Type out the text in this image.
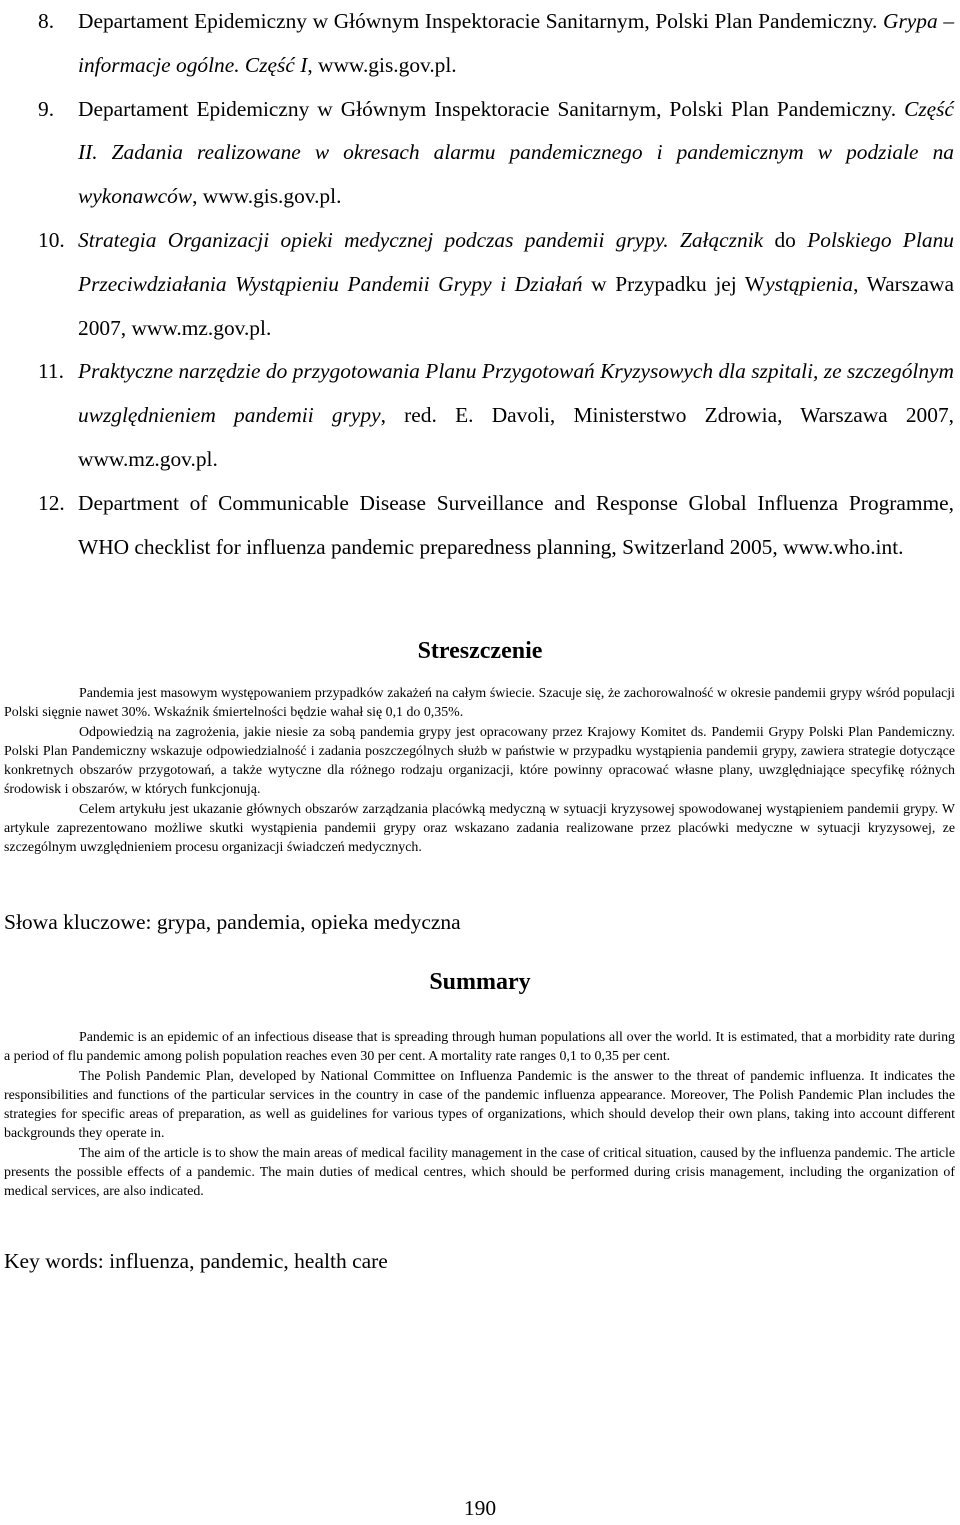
8. Departament Epidemiczny w Głównym Inspektoracie Sanitarnym, Polski Plan Pandemiczny. Grypa – informacje ogólne. Część I, www.gis.gov.pl.
9. Departament Epidemiczny w Głównym Inspektoracie Sanitarnym, Polski Plan Pandemiczny. Część II. Zadania realizowane w okresach alarmu pandemicznego i pandemicznym w podziale na wykonawców, www.gis.gov.pl.
10. Strategia Organizacji opieki medycznej podczas pandemii grypy. Załącznik do Polskiego Planu Przeciwdziałania Wystąpieniu Pandemii Grypy i Działań w Przypadku jej Wystąpienia, Warszawa 2007, www.mz.gov.pl.
11. Praktyczne narzędzie do przygotowania Planu Przygotowań Kryzysowych dla szpitali, ze szczególnym uwzględnieniem pandemii grypy, red. E. Davoli, Ministerstwo Zdrowia, Warszawa 2007, www.mz.gov.pl.
12. Department of Communicable Disease Surveillance and Response Global Influenza Programme, WHO checklist for influenza pandemic preparedness planning, Switzerland 2005, www.who.int.
Streszczenie

Pandemia jest masowym występowaniem przypadków zakażeń na całym świecie. Szacuje się, że zachorowalność w okresie pandemii grypy wśród populacji Polski sięgnie nawet 30%. Wskaźnik śmiertelności będzie wahał się 0,1 do 0,35%.

Odpowiedzią na zagrożenia, jakie niesie za sobą pandemia grypy jest opracowany przez Krajowy Komitet ds. Pandemii Grypy Polski Plan Pandemiczny. Polski Plan Pandemiczny wskazuje odpowiedzialność i zadania poszczególnych służb w państwie w przypadku wystąpienia pandemii grypy, zawiera strategie dotyczące konkretnych obszarów przygotowań, a także wytyczne dla różnego rodzaju organizacji, które powinny opracować własne plany, uwzględniające specyfikę różnych środowisk i obszarów, w których funkcjonują.

Celem artykułu jest ukazanie głównych obszarów zarządzania placówką medyczną w sytuacji kryzysowej spowodowanej wystąpieniem pandemii grypy. W artykule zaprezentowano możliwe skutki wystąpienia pandemii grypy oraz wskazano zadania realizowane przez placówki medyczne w sytuacji kryzysowej, ze szczególnym uwzględnieniem procesu organizacji świadczeń medycznych.

Słowa kluczowe: grypa, pandemia, opieka medyczna
Summary

Pandemic is an epidemic of an infectious disease that is spreading through human populations all over the world. It is estimated, that a morbidity rate during a period of flu pandemic among polish population reaches even 30 per cent. A mortality rate ranges 0,1 to 0,35 per cent.

The Polish Pandemic Plan, developed by National Committee on Influenza Pandemic is the answer to the threat of pandemic influenza. It indicates the responsibilities and functions of the particular services in the country in case of the pandemic influenza appearance. Moreover, The Polish Pandemic Plan includes the strategies for specific areas of preparation, as well as guidelines for various types of organizations, which should develop their own plans, taking into account different backgrounds they operate in.

The aim of the article is to show the main areas of medical facility management in the case of critical situation, caused by the influenza pandemic. The article presents the possible effects of a pandemic. The main duties of medical centres, which should be performed during crisis management, including the organization of medical services, are also indicated.

Key words: influenza, pandemic, health care
190
